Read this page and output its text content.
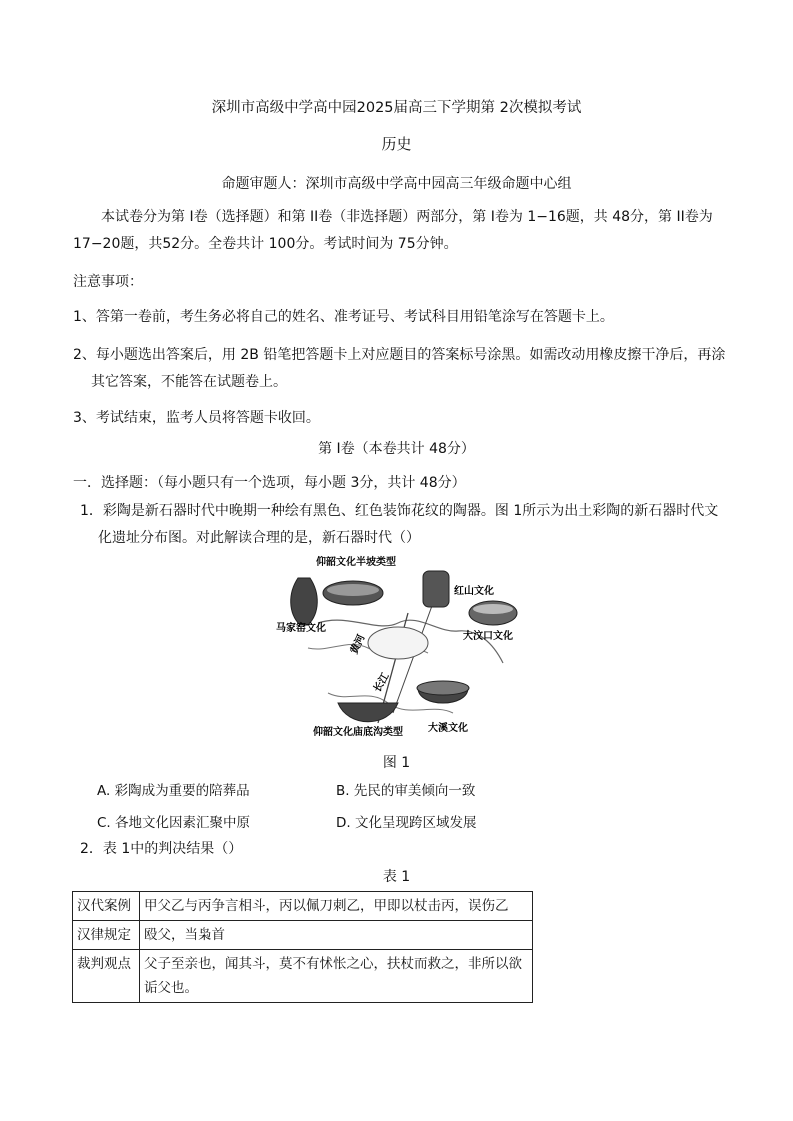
深圳市高级中学高中园2025届高三下学期第 2次模拟考试
历史
命题审题人：深圳市高级中学高中园高三年级命题中心组
本试卷分为第 I卷（选择题）和第 II卷（非选择题）两部分，第 I卷为 1−16题，共 48分，第 II卷为 17−20题，共52分。全卷共计 100分。考试时间为 75分钟。
注意事项：
1、答第一卷前，考生务必将自己的姓名、准考证号、考试科目用铅笔涂写在答题卡上。
2、每小题选出答案后，用 2B 铅笔把答题卡上对应题目的答案标号涂黑。如需改动用橡皮擦干净后，再涂其它答案，不能答在试题卷上。
3、考试结束，监考人员将答题卡收回。
第 I卷（本卷共计 48分）
一．选择题：（每小题只有一个选项，每小题 3分，共计 48分）
1．彩陶是新石器时代中晚期一种绘有黑色、红色装饰花纹的陶器。图 1所示为出土彩陶的新石器时代文化遗址分布图。对此解读合理的是，新石器时代（）
仰韶文化半坡类型
红山文化
马家窑文化
大汶口文化
黄河
长江
仰韶文化庙底沟类型	大溪文化
图 1
A. 彩陶成为重要的陪葬品	B. 先民的审美倾向一致
C. 各地文化因素汇聚中原	D. 文化呈现跨区域发展
2．表 1中的判决结果（）
表 1
汉代案例	甲父乙与丙争言相斗，丙以佩刀刺乙，甲即以杖击丙，误伤乙
汉律规定	殴父，当枭首
裁判观点	父子至亲也，闻其斗，莫不有怵怅之心，扶杖而救之，非所以欲诟父也。
